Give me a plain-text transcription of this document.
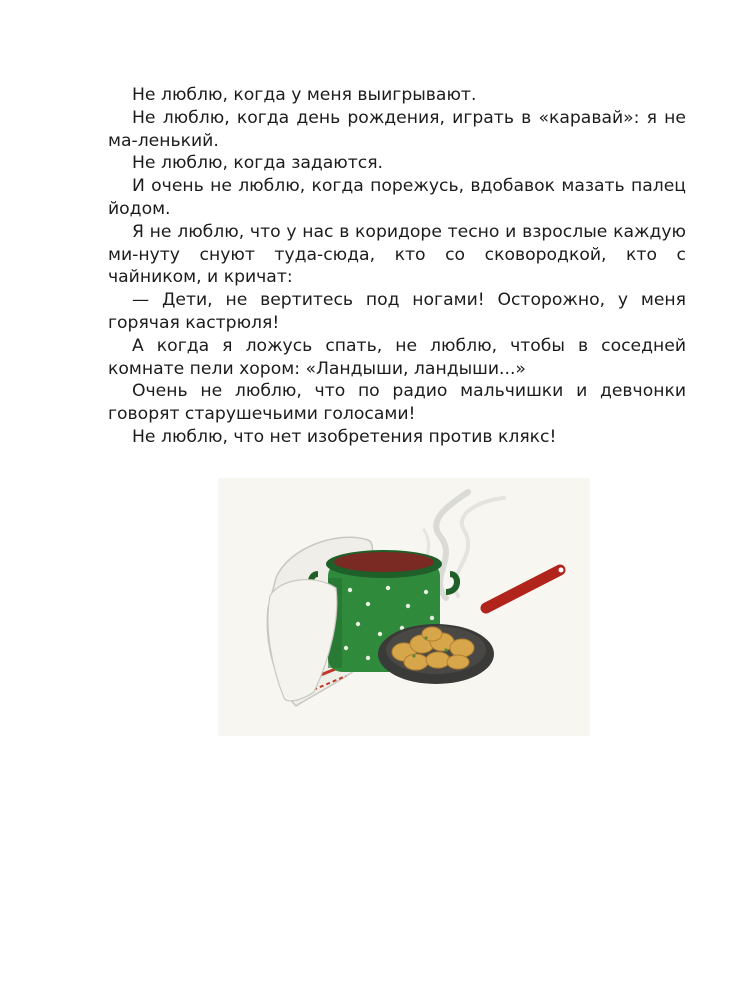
Не люблю, когда у меня выигрывают.

Не люблю, когда день рождения, играть в «каравай»: я не ма-ленький.

Не люблю, когда задаются.

И очень не люблю, когда порежусь, вдобавок мазать палец йодом.

Я не люблю, что у нас в коридоре тесно и взрослые каждую ми-нуту снуют туда-сюда, кто со сковородкой, кто с чайником, и кричат:

— Дети, не вертитесь под ногами! Осторожно, у меня горячая кастрюля!

А когда я ложусь спать, не люблю, чтобы в соседней комнате пели хором: «Ландыши, ландыши...»

Очень не люблю, что по радио мальчишки и девчонки говорят старушечьими голосами!

Не люблю, что нет изобретения против клякс!
